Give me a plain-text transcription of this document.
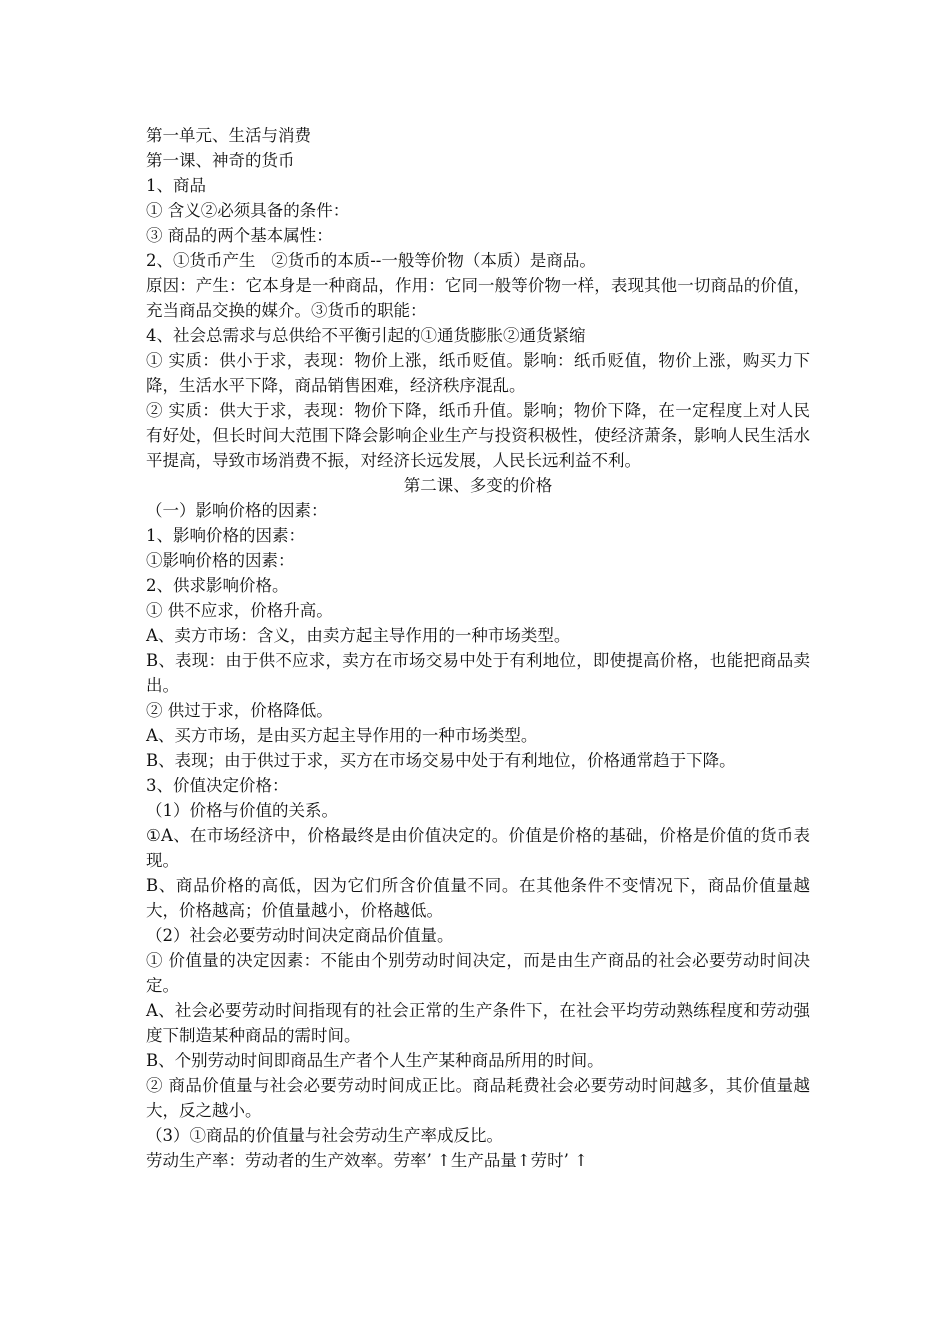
第一单元、生活与消费
第一课、神奇的货币
1、商品
① 含义②必须具备的条件：
③ 商品的两个基本属性：
2、①货币产生   ②货币的本质--一般等价物（本质）是商品。
原因：产生：它本身是一种商品，作用：它同一般等价物一样，表现其他一切商品的价值，充当商品交换的媒介。③货币的职能：
4、社会总需求与总供给不平衡引起的①通货膨胀②通货紧缩
① 实质：供小于求，表现：物价上涨，纸币贬值。影响：纸币贬值，物价上涨，购买力下降，生活水平下降，商品销售困难，经济秩序混乱。
② 实质：供大于求，表现：物价下降，纸币升值。影响；物价下降，在一定程度上对人民有好处，但长时间大范围下降会影响企业生产与投资积极性，使经济萧条，影响人民生活水平提高，导致市场消费不振，对经济长远发展，人民长远利益不利。
第二课、多变的价格
（一）影响价格的因素：
1、影响价格的因素：
①影响价格的因素：
2、供求影响价格。
① 供不应求，价格升高。
A、卖方市场：含义，由卖方起主导作用的一种市场类型。
B、表现：由于供不应求，卖方在市场交易中处于有利地位，即使提高价格，也能把商品卖出。
② 供过于求，价格降低。
A、买方市场，是由买方起主导作用的一种市场类型。
B、表现；由于供过于求，买方在市场交易中处于有利地位，价格通常趋于下降。
3、价值决定价格：
（1）价格与价值的关系。
①A、在市场经济中，价格最终是由价值决定的。价值是价格的基础，价格是价值的货币表现。
B、商品价格的高低，因为它们所含价值量不同。在其他条件不变情况下，商品价值量越大，价格越高；价值量越小，价格越低。
（2）社会必要劳动时间决定商品价值量。
① 价值量的决定因素：不能由个别劳动时间决定，而是由生产商品的社会必要劳动时间决定。
A、社会必要劳动时间指现有的社会正常的生产条件下，在社会平均劳动熟练程度和劳动强度下制造某种商品的需时间。
B、个别劳动时间即商品生产者个人生产某种商品所用的时间。
② 商品价值量与社会必要劳动时间成正比。商品耗费社会必要劳动时间越多，其价值量越大，反之越小。
（3）①商品的价值量与社会劳动生产率成反比。
劳动生产率：劳动者的生产效率。劳率’ ↑生产品量↑劳时’ ↑
